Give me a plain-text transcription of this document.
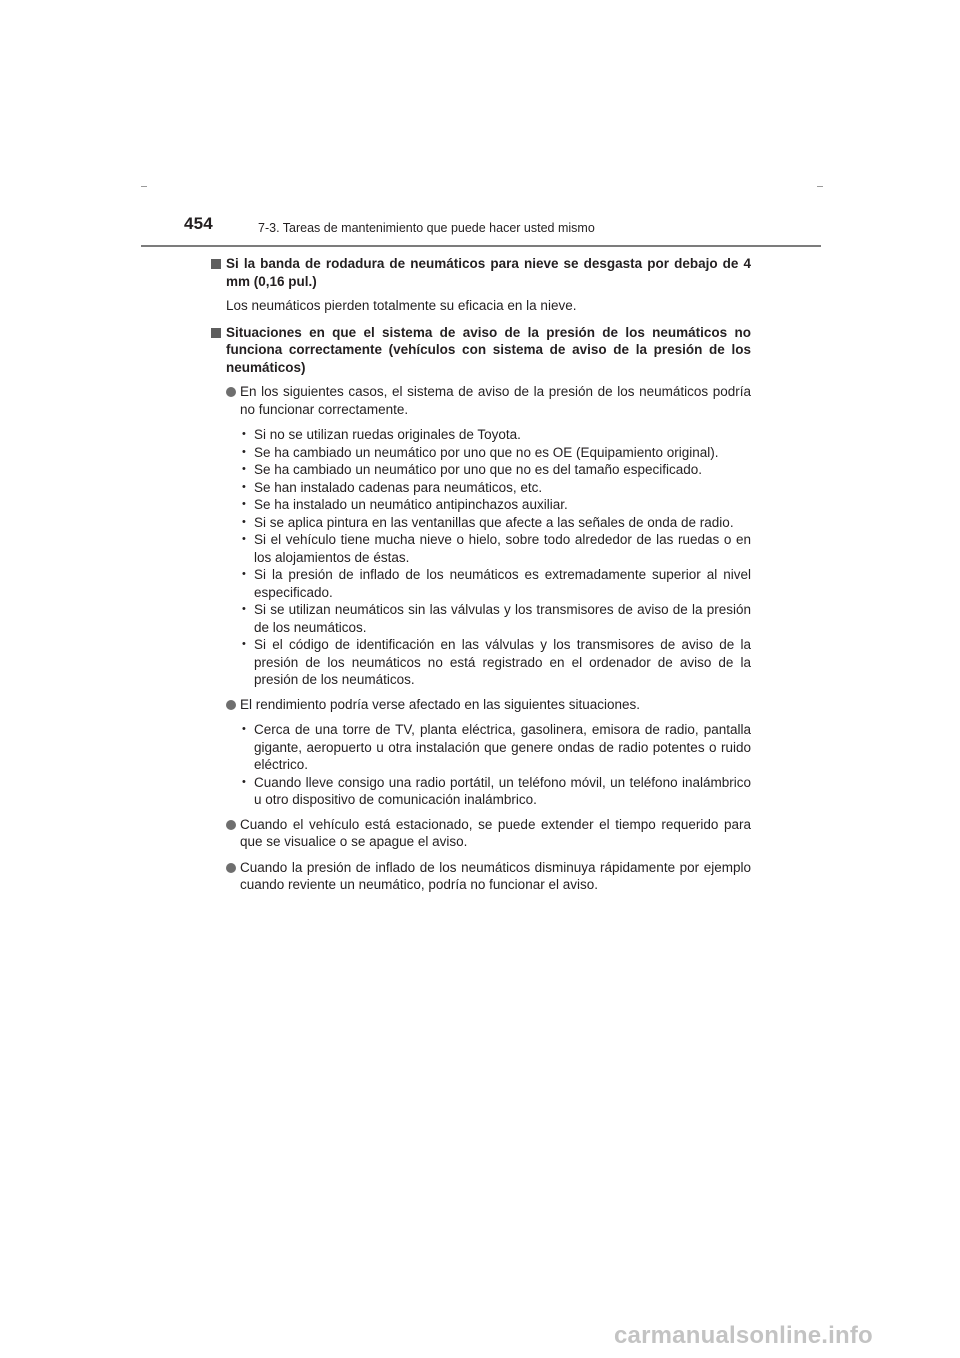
454	7-3. Tareas de mantenimiento que puede hacer usted mismo
Si la banda de rodadura de neumáticos para nieve se desgasta por debajo de 4 mm (0,16 pul.)
Los neumáticos pierden totalmente su eficacia en la nieve.
Situaciones en que el sistema de aviso de la presión de los neumáticos no funciona correctamente (vehículos con sistema de aviso de la presión de los neumáticos)
En los siguientes casos, el sistema de aviso de la presión de los neumáticos podría no funcionar correctamente.
• Si no se utilizan ruedas originales de Toyota.
• Se ha cambiado un neumático por uno que no es OE (Equipamiento original).
• Se ha cambiado un neumático por uno que no es del tamaño especificado.
• Se han instalado cadenas para neumáticos, etc.
• Se ha instalado un neumático antipinchazos auxiliar.
• Si se aplica pintura en las ventanillas que afecte a las señales de onda de radio.
• Si el vehículo tiene mucha nieve o hielo, sobre todo alrededor de las ruedas o en los alojamientos de éstas.
• Si la presión de inflado de los neumáticos es extremadamente superior al nivel especificado.
• Si se utilizan neumáticos sin las válvulas y los transmisores de aviso de la presión de los neumáticos.
• Si el código de identificación en las válvulas y los transmisores de aviso de la presión de los neumáticos no está registrado en el ordenador de aviso de la presión de los neumáticos.
El rendimiento podría verse afectado en las siguientes situaciones.
• Cerca de una torre de TV, planta eléctrica, gasolinera, emisora de radio, pantalla gigante, aeropuerto u otra instalación que genere ondas de radio potentes o ruido eléctrico.
• Cuando lleve consigo una radio portátil, un teléfono móvil, un teléfono inalámbrico u otro dispositivo de comunicación inalámbrico.
Cuando el vehículo está estacionado, se puede extender el tiempo requerido para que se visualice o se apague el aviso.
Cuando la presión de inflado de los neumáticos disminuya rápidamente por ejemplo cuando reviente un neumático, podría no funcionar el aviso.
carmanualsonline.info
